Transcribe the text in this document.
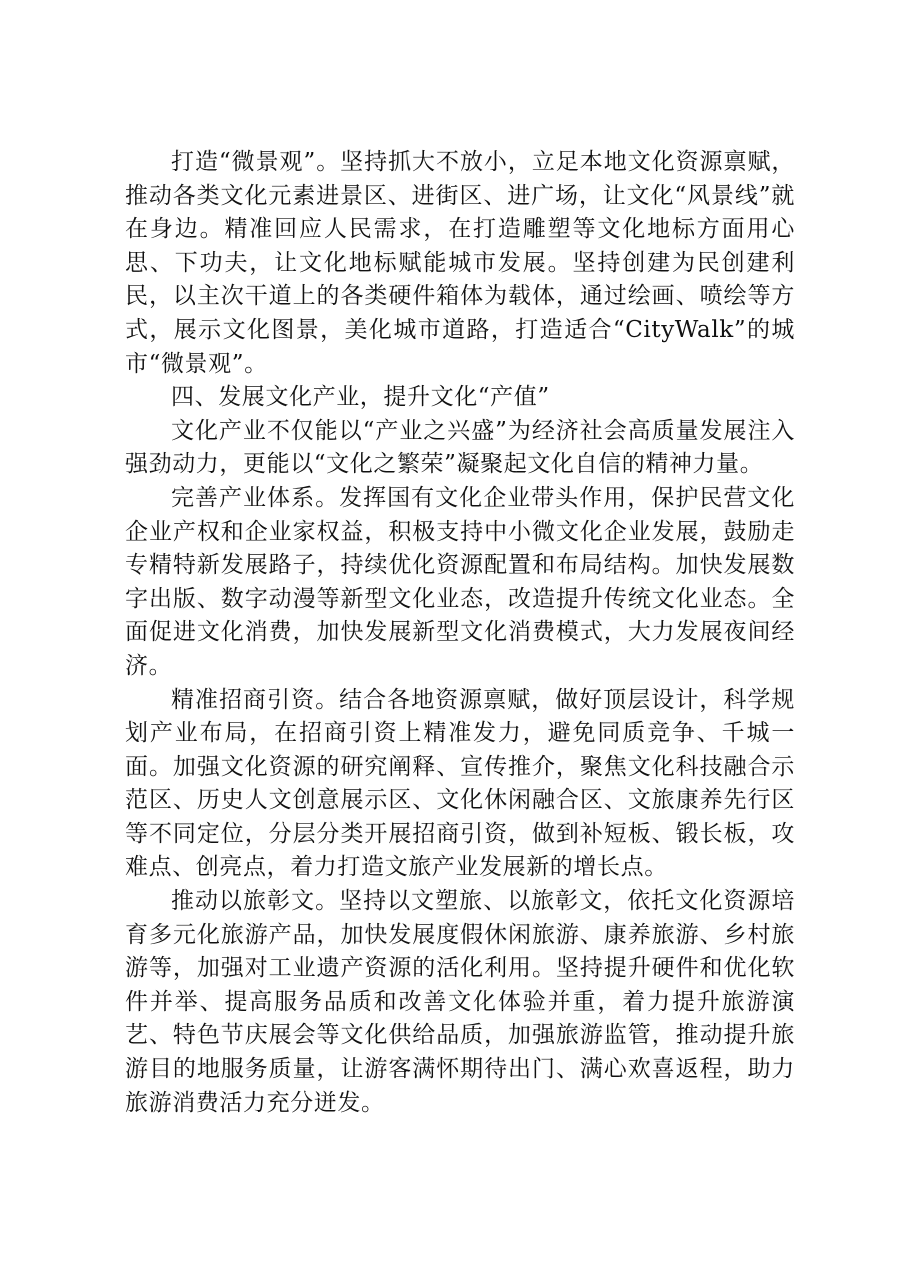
打造“微景观”。坚持抓大不放小，立足本地文化资源禀赋，推动各类文化元素进景区、进街区、进广场，让文化“风景线”就在身边。精准回应人民需求，在打造雕塑等文化地标方面用心思、下功夫，让文化地标赋能城市发展。坚持创建为民创建利民，以主次干道上的各类硬件箱体为载体，通过绘画、喷绘等方式，展示文化图景，美化城市道路，打造适合“CityWalk”的城市“微景观”。

四、发展文化产业，提升文化“产值”

文化产业不仅能以“产业之兴盛”为经济社会高质量发展注入强劲动力，更能以“文化之繁荣”凝聚起文化自信的精神力量。

完善产业体系。发挥国有文化企业带头作用，保护民营文化企业产权和企业家权益，积极支持中小微文化企业发展，鼓励走专精特新发展路子，持续优化资源配置和布局结构。加快发展数字出版、数字动漫等新型文化业态，改造提升传统文化业态。全面促进文化消费，加快发展新型文化消费模式，大力发展夜间经济。

精准招商引资。结合各地资源禀赋，做好顶层设计，科学规划产业布局，在招商引资上精准发力，避免同质竞争、千城一面。加强文化资源的研究阐释、宣传推介，聚焦文化科技融合示范区、历史人文创意展示区、文化休闲融合区、文旅康养先行区等不同定位，分层分类开展招商引资，做到补短板、锻长板，攻难点、创亮点，着力打造文旅产业发展新的增长点。

推动以旅彰文。坚持以文塑旅、以旅彰文，依托文化资源培育多元化旅游产品，加快发展度假休闲旅游、康养旅游、乡村旅游等，加强对工业遗产资源的活化利用。坚持提升硬件和优化软件并举、提高服务品质和改善文化体验并重，着力提升旅游演艺、特色节庆展会等文化供给品质，加强旅游监管，推动提升旅游目的地服务质量，让游客满怀期待出门、满心欢喜返程，助力旅游消费活力充分迸发。
